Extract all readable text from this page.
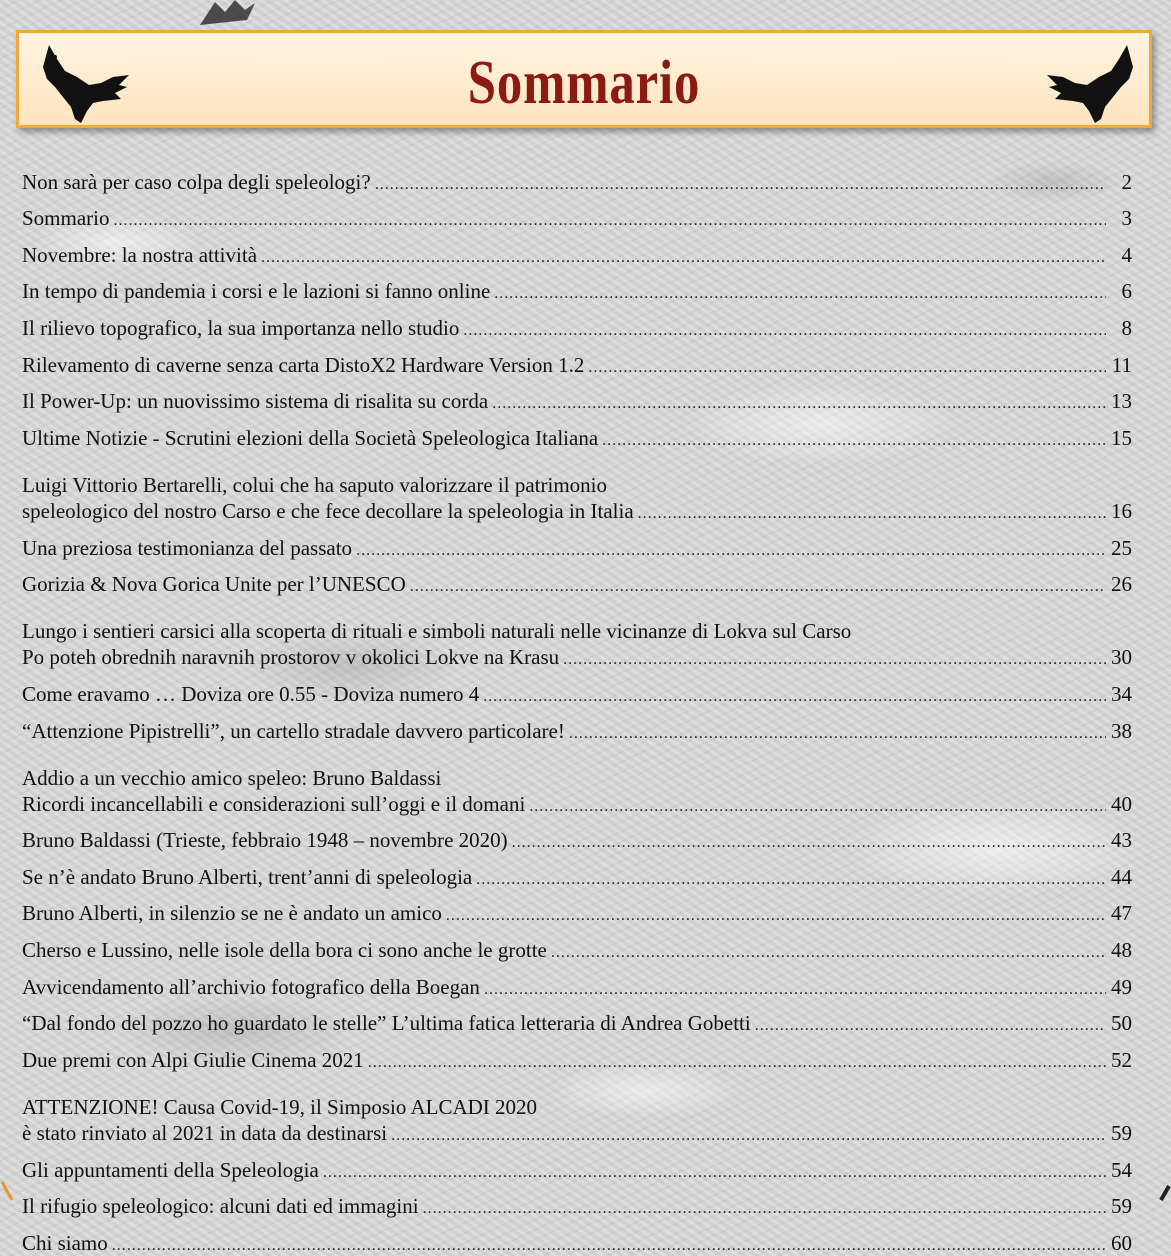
Sommario
Non sarà per caso colpa degli speleologi? .....	2
Sommario .....	3
Novembre: la nostra attività .....	4
In tempo di pandemia i corsi e le lazioni si fanno online .....	6
Il rilievo topografico, la sua importanza nello studio .....	8
Rilevamento di caverne senza carta DistoX2 Hardware Version 1.2 .....	11
Il Power-Up: un nuovissimo sistema di risalita su corda .....	13
Ultime Notizie - Scrutini elezioni della Società Speleologica Italiana .....	15
Luigi Vittorio Bertarelli, colui che ha saputo valorizzare il patrimonio
speleologico del nostro Carso e che fece decollare la speleologia in Italia .....	16
Una preziosa testimonianza del passato .....	25
Gorizia & Nova Gorica Unite per l’UNESCO .....	26
Lungo i sentieri carsici alla scoperta di rituali e simboli naturali nelle vicinanze di Lokva sul Carso
Po poteh obrednih naravnih prostorov v okolici Lokve na Krasu .....	30
Come eravamo … Doviza ore 0.55 - Doviza numero 4 .....	34
“Attenzione Pipistrelli”, un cartello stradale davvero particolare! .....	38
Addio a un vecchio amico speleo: Bruno Baldassi
Ricordi incancellabili e considerazioni sull’oggi e il domani .....	40
Bruno Baldassi (Trieste, febbraio 1948 – novembre 2020) .....	43
Se n’è andato Bruno Alberti, trent’anni di speleologia .....	44
Bruno Alberti, in silenzio se ne è andato un amico .....	47
Cherso e Lussino, nelle isole della bora ci sono anche le grotte .....	48
Avvicendamento all’archivio fotografico della Boegan .....	49
“Dal fondo del pozzo ho guardato le stelle” L’ultima fatica letteraria di Andrea Gobetti .....	50
Due premi con Alpi Giulie Cinema 2021 .....	52
ATTENZIONE! Causa Covid-19, il Simposio ALCADI 2020
è stato rinviato al 2021 in data da destinarsi .....	59
Gli appuntamenti della Speleologia .....	54
Il rifugio speleologico: alcuni dati ed immagini .....	59
Chi siamo .....	60
